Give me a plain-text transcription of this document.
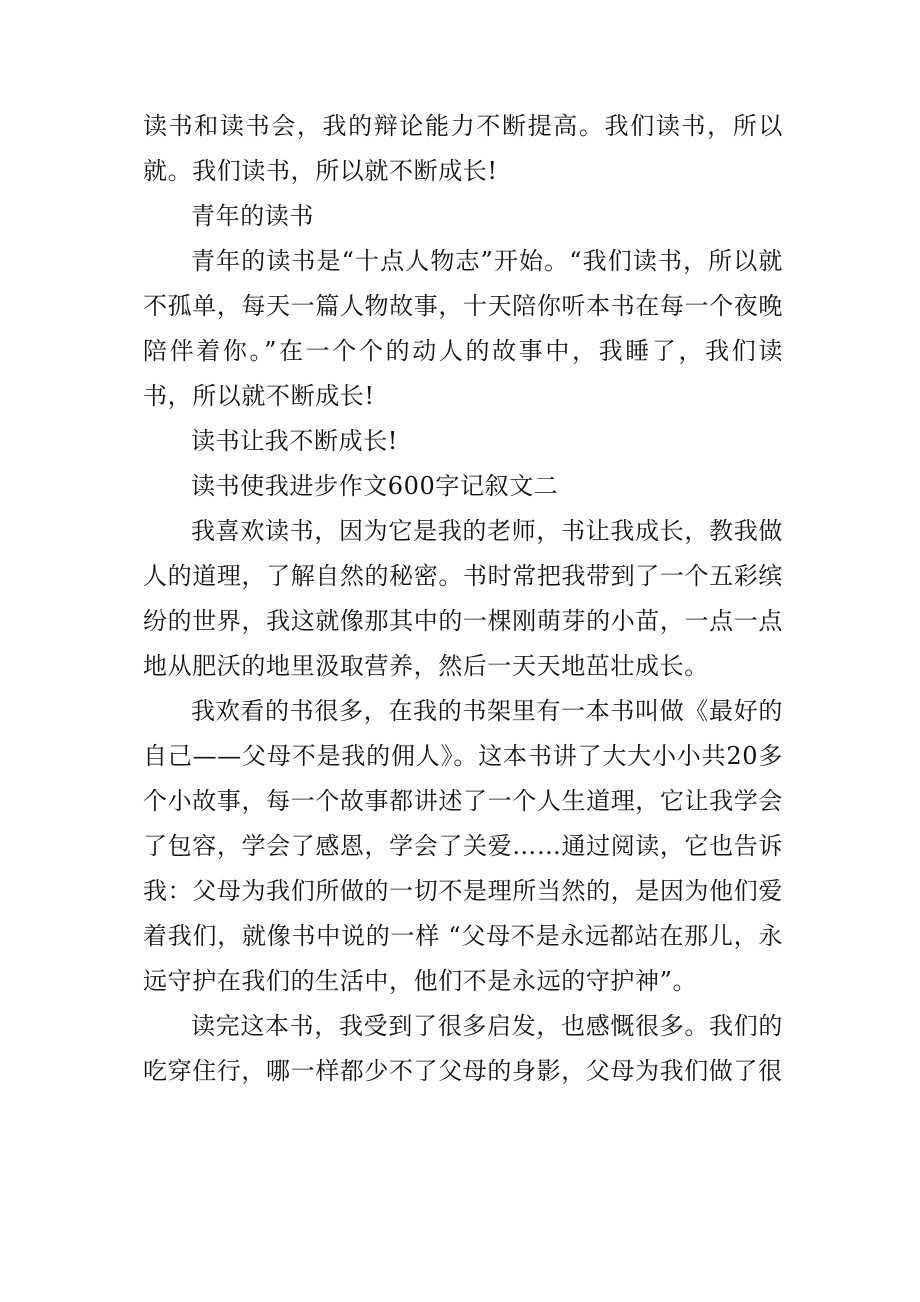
读书和读书会，我的辩论能力不断提高。我们读书，所以就。我们读书，所以就不断成长!

青年的读书

青年的读书是“十点人物志”开始。“我们读书，所以就不孤单，每天一篇人物故事，十天陪你听本书在每一个夜晚陪伴着你。”在一个个的动人的故事中，我睡了，我们读书，所以就不断成长!

读书让我不断成长!

读书使我进步作文600字记叙文二

我喜欢读书，因为它是我的老师，书让我成长，教我做人的道理，了解自然的秘密。书时常把我带到了一个五彩缤纷的世界，我这就像那其中的一棵刚萌芽的小苗，一点一点地从肥沃的地里汲取营养，然后一天天地茁壮成长。

我欢看的书很多，在我的书架里有一本书叫做《最好的自己——父母不是我的佣人》。这本书讲了大大小小共20多个小故事，每一个故事都讲述了一个人生道理，它让我学会了包容，学会了感恩，学会了关爱……通过阅读，它也告诉我：父母为我们所做的一切不是理所当然的，是因为他们爱着我们，就像书中说的一样 “父母不是永远都站在那儿，永远守护在我们的生活中，他们不是永远的守护神”。

读完这本书，我受到了很多启发，也感慨很多。我们的吃穿住行，哪一样都少不了父母的身影，父母为我们做了很
